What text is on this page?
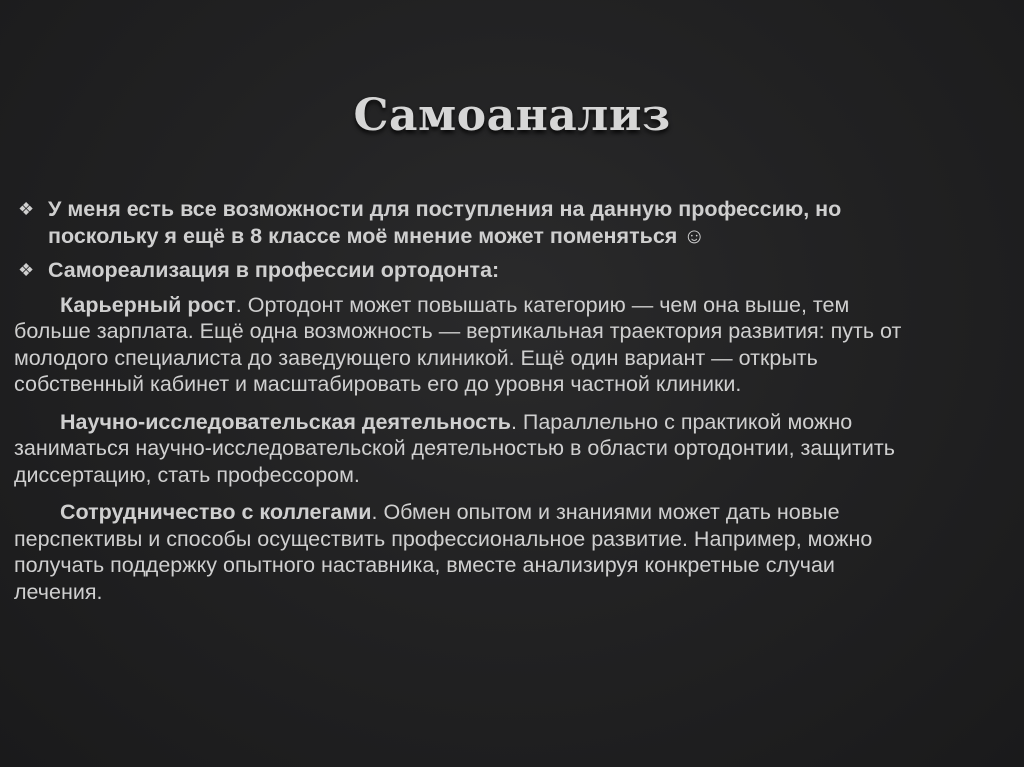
Самоанализ
❖ У меня есть все возможности для поступления на данную профессию, но поскольку я ещё в 8 классе моё мнение может поменяться ☺
❖ Самореализация в профессии ортодонта:

Карьерный рост. Ортодонт может повышать категорию — чем она выше, тем больше зарплата. Ещё одна возможность — вертикальная траектория развития: путь от молодого специалиста до заведующего клиникой. Ещё один вариант — открыть собственный кабинет и масштабировать его до уровня частной клиники.

Научно-исследовательская деятельность. Параллельно с практикой можно заниматься научно-исследовательской деятельностью в области ортодонтии, защитить диссертацию, стать профессором.

Сотрудничество с коллегами. Обмен опытом и знаниями может дать новые перспективы и способы осуществить профессиональное развитие. Например, можно получать поддержку опытного наставника, вместе анализируя конкретные случаи лечения.
